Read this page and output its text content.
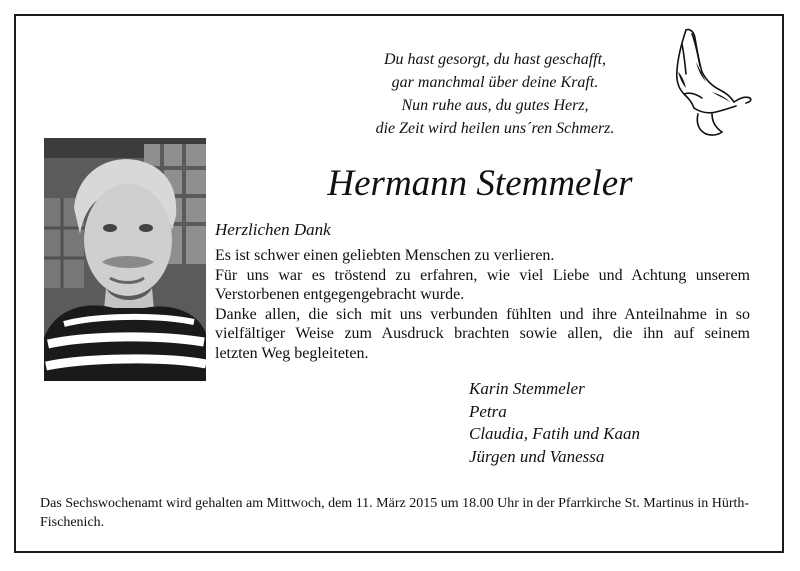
Du hast gesorgt, du hast geschafft,
gar manchmal über deine Kraft.
Nun ruhe aus, du gutes Herz,
die Zeit wird heilen uns´ren Schmerz.
Hermann Stemmeler
Herzlichen Dank
Es ist schwer einen geliebten Menschen zu verlieren.
Für uns war es tröstend zu erfahren, wie viel Liebe und Achtung unserem
Verstorbenen entgegengebracht wurde.
Danke allen, die sich mit uns verbunden fühlten und ihre Anteilnahme in so
vielfältiger Weise zum Ausdruck brachten sowie allen, die ihn auf seinem
letzten Weg begleiteten.
Karin Stemmeler
Petra
Claudia, Fatih und Kaan
Jürgen und Vanessa
Das Sechswochenamt wird gehalten am Mittwoch, dem 11. März 2015 um 18.00 Uhr in der Pfarrkirche St. Martinus in Hürth-Fischenich.
